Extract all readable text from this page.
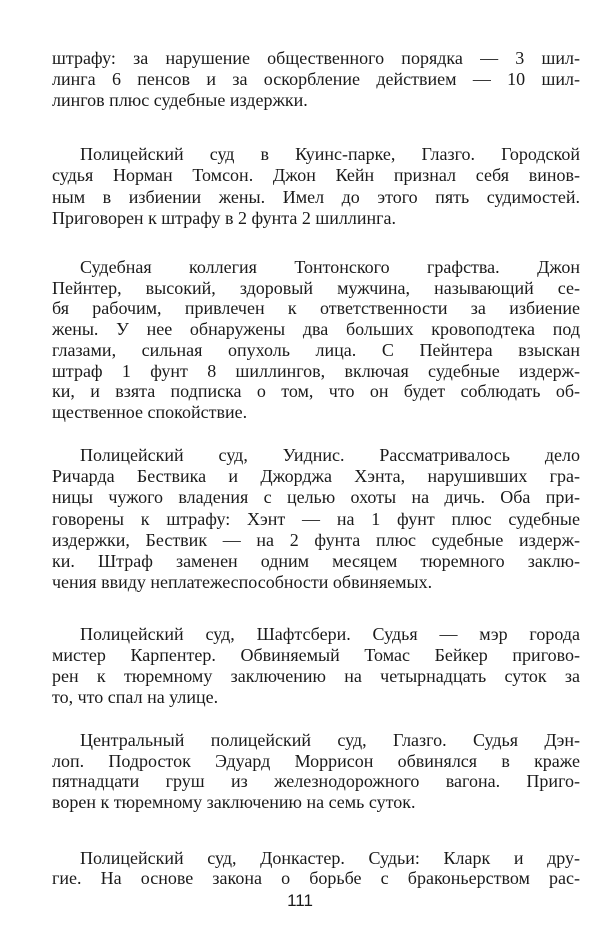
111
штрафу: за нарушение общественного порядка — 3 шил-
линга 6 пенсов и за оскорбление действием — 10 шил-
лингов плюс судебные издержки.
Полицейский суд в Куинс-парке, Глазго. Городской
судья Норман Томсон. Джон Кейн признал себя винов-
ным в избиении жены. Имел до этого пять судимостей.
Приговорен к штрафу в 2 фунта 2 шиллинга.
Судебная коллегия Тонтонского графства. Джон
Пейнтер, высокий, здоровый мужчина, называющий се-
бя рабочим, привлечен к ответственности за избиение
жены. У нее обнаружены два больших кровоподтека под
глазами, сильная опухоль лица. С Пейнтера взыскан
штраф 1 фунт 8 шиллингов, включая судебные издерж-
ки, и взята подписка о том, что он будет соблюдать об-
щественное спокойствие.
Полицейский суд, Уиднис. Рассматривалось дело
Ричарда Бествика и Джорджа Хэнта, нарушивших гра-
ницы чужого владения с целью охоты на дичь. Оба при-
говорены к штрафу: Хэнт — на 1 фунт плюс судебные
издержки, Бествик — на 2 фунта плюс судебные издерж-
ки. Штраф заменен одним месяцем тюремного заклю-
чения ввиду неплатежеспособности обвиняемых.
Полицейский суд, Шафтсбери. Судья — мэр города
мистер Карпентер. Обвиняемый Томас Бейкер пригово-
рен к тюремному заключению на четырнадцать суток за
то, что спал на улице.
Центральный полицейский суд, Глазго. Судья Дэн-
лоп. Подросток Эдуард Моррисон обвинялся в краже
пятнадцати груш из железнодорожного вагона. Приго-
ворен к тюремному заключению на семь суток.
Полицейский суд, Донкастер. Судьи: Кларк и дру-
гие. На основе закона о борьбе с браконьерством рас-
